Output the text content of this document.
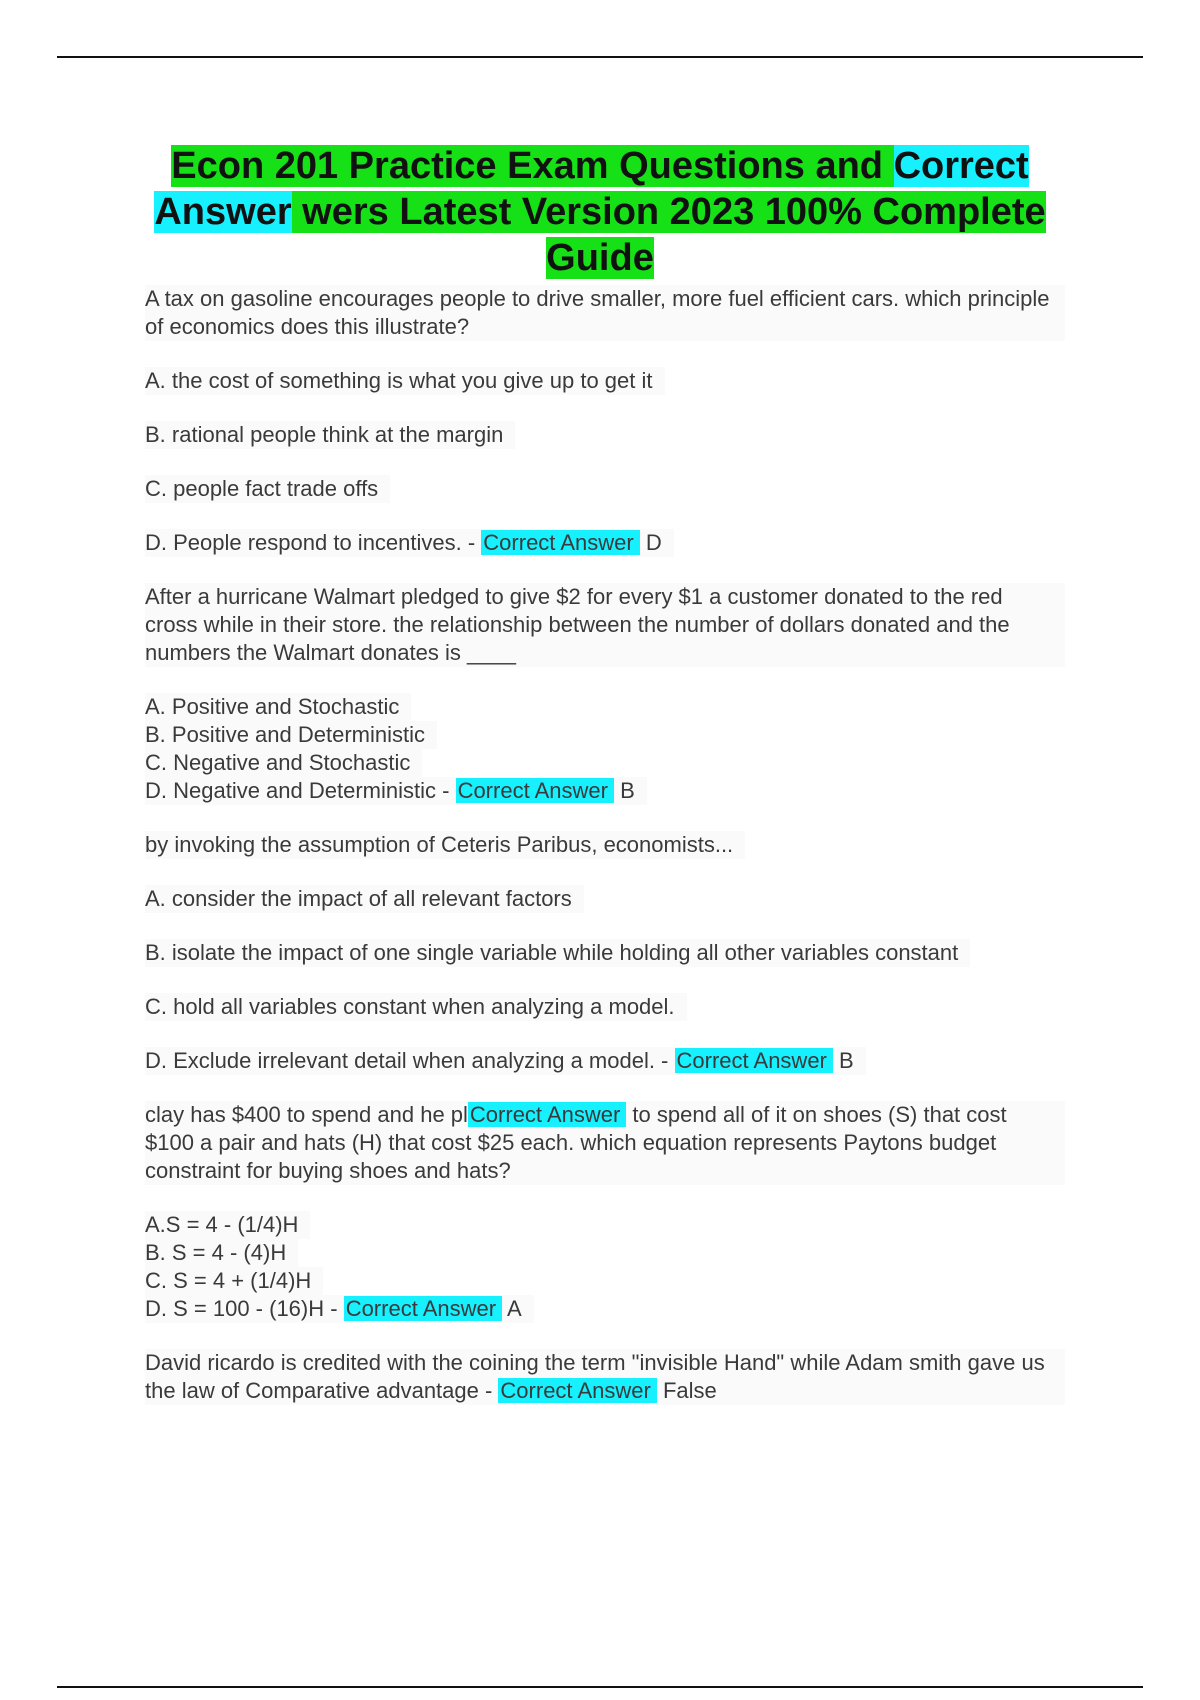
Econ 201 Practice Exam Questions and Correct Answer wers Latest Version 2023 100% Complete Guide

A tax on gasoline encourages people to drive smaller, more fuel efficient cars. which principle of economics does this illustrate?

A. the cost of something is what you give up to get it

B. rational people think at the margin

C. people fact trade offs

D. People respond to incentives. - Correct Answer D

After a hurricane Walmart pledged to give $2 for every $1 a customer donated to the red cross while in their store. the relationship between the number of dollars donated and the numbers the Walmart donates is ____

A. Positive and Stochastic

B. Positive and Deterministic

C. Negative and Stochastic

D. Negative and Deterministic - Correct Answer B

by invoking the assumption of Ceteris Paribus, economists...

A. consider the impact of all relevant factors

B. isolate the impact of one single variable while holding all other variables constant

C. hold all variables constant when analyzing a model.

D. Exclude irrelevant detail when analyzing a model. - Correct Answer B

clay has $400 to spend and he plCorrect Answer to spend all of it on shoes (S) that cost $100 a pair and hats (H) that cost $25 each. which equation represents Paytons budget constraint for buying shoes and hats?

A.S = 4 - (1/4)H

B. S = 4 - (4)H

C. S = 4 + (1/4)H

D. S = 100 - (16)H - Correct Answer A

David ricardo is credited with the coining the term "invisible Hand" while Adam smith gave us the law of Comparative advantage - Correct Answer False
